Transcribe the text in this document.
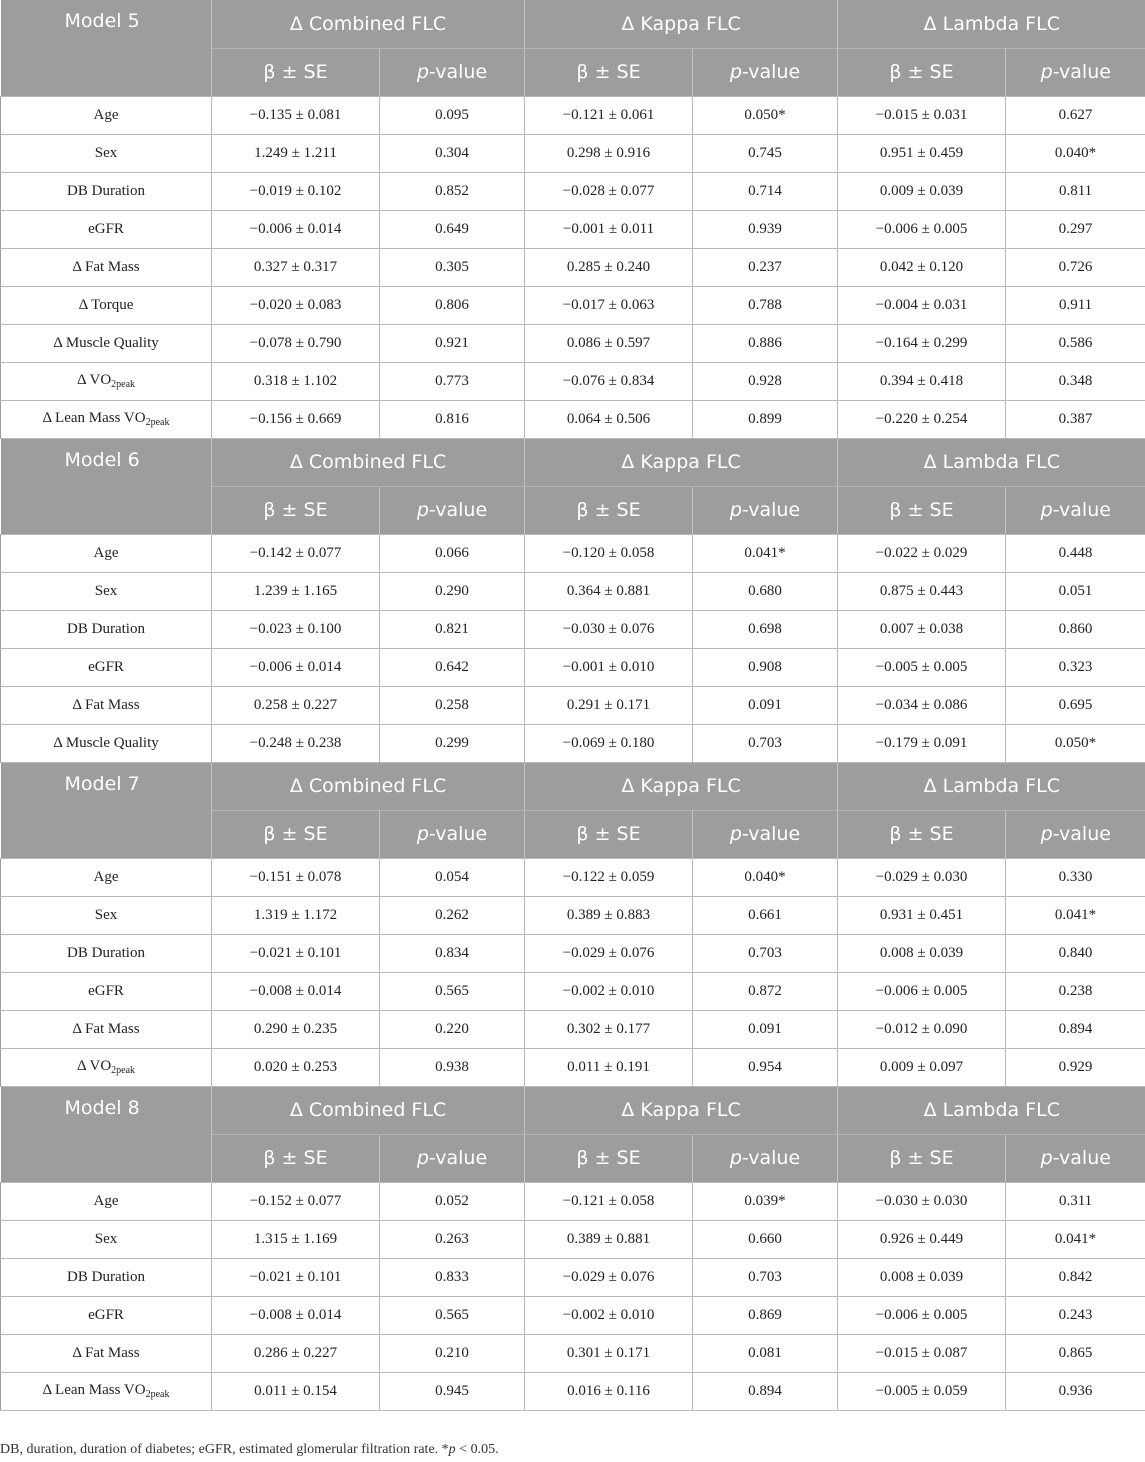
Model 5	Δ Combined FLC		Δ Kappa FLC		Δ Lambda FLC	
	β ± SE	p-value	β ± SE	p-value	β ± SE	p-value
Age	−0.135 ± 0.081	0.095	−0.121 ± 0.061	0.050*	−0.015 ± 0.031	0.627
Sex	1.249 ± 1.211	0.304	0.298 ± 0.916	0.745	0.951 ± 0.459	0.040*
DB Duration	−0.019 ± 0.102	0.852	−0.028 ± 0.077	0.714	0.009 ± 0.039	0.811
eGFR	−0.006 ± 0.014	0.649	−0.001 ± 0.011	0.939	−0.006 ± 0.005	0.297
Δ Fat Mass	0.327 ± 0.317	0.305	0.285 ± 0.240	0.237	0.042 ± 0.120	0.726
Δ Torque	−0.020 ± 0.083	0.806	−0.017 ± 0.063	0.788	−0.004 ± 0.031	0.911
Δ Muscle Quality	−0.078 ± 0.790	0.921	0.086 ± 0.597	0.886	−0.164 ± 0.299	0.586
Δ $VO_{2peak}$	0.318 ± 1.102	0.773	−0.076 ± 0.834	0.928	0.394 ± 0.418	0.348
Δ Lean Mass $VO_{2peak}$	−0.156 ± 0.669	0.816	0.064 ± 0.506	0.899	−0.220 ± 0.254	0.387
Model 6	Δ Combined FLC		Δ Kappa FLC		Δ Lambda FLC	
	β ± SE	p-value	β ± SE	p-value	β ± SE	p-value
Age	−0.142 ± 0.077	0.066	−0.120 ± 0.058	0.041*	−0.022 ± 0.029	0.448
Sex	1.239 ± 1.165	0.290	0.364 ± 0.881	0.680	0.875 ± 0.443	0.051
DB Duration	−0.023 ± 0.100	0.821	−0.030 ± 0.076	0.698	0.007 ± 0.038	0.860
eGFR	−0.006 ± 0.014	0.642	−0.001 ± 0.010	0.908	−0.005 ± 0.005	0.323
Δ Fat Mass	0.258 ± 0.227	0.258	0.291 ± 0.171	0.091	−0.034 ± 0.086	0.695
Δ Muscle Quality	−0.248 ± 0.238	0.299	−0.069 ± 0.180	0.703	−0.179 ± 0.091	0.050*
Model 7	Δ Combined FLC		Δ Kappa FLC		Δ Lambda FLC	
	β ± SE	p-value	β ± SE	p-value	β ± SE	p-value
Age	−0.151 ± 0.078	0.054	−0.122 ± 0.059	0.040*	−0.029 ± 0.030	0.330
Sex	1.319 ± 1.172	0.262	0.389 ± 0.883	0.661	0.931 ± 0.451	0.041*
DB Duration	−0.021 ± 0.101	0.834	−0.029 ± 0.076	0.703	0.008 ± 0.039	0.840
eGFR	−0.008 ± 0.014	0.565	−0.002 ± 0.010	0.872	−0.006 ± 0.005	0.238
Δ Fat Mass	0.290 ± 0.235	0.220	0.302 ± 0.177	0.091	−0.012 ± 0.090	0.894
Δ $VO_{2peak}$	0.020 ± 0.253	0.938	0.011 ± 0.191	0.954	0.009 ± 0.097	0.929
Model 8	Δ Combined FLC		Δ Kappa FLC		Δ Lambda FLC	
	β ± SE	p-value	β ± SE	p-value	β ± SE	p-value
Age	−0.152 ± 0.077	0.052	−0.121 ± 0.058	0.039*	−0.030 ± 0.030	0.311
Sex	1.315 ± 1.169	0.263	0.389 ± 0.881	0.660	0.926 ± 0.449	0.041*
DB Duration	−0.021 ± 0.101	0.833	−0.029 ± 0.076	0.703	0.008 ± 0.039	0.842
eGFR	−0.008 ± 0.014	0.565	−0.002 ± 0.010	0.869	−0.006 ± 0.005	0.243
Δ Fat Mass	0.286 ± 0.227	0.210	0.301 ± 0.171	0.081	−0.015 ± 0.087	0.865
Δ Lean Mass $VO_{2peak}$	0.011 ± 0.154	0.945	0.016 ± 0.116	0.894	−0.005 ± 0.059	0.936
DB, duration, duration of diabetes; eGFR, estimated glomerular filtration rate. *p < 0.05.
